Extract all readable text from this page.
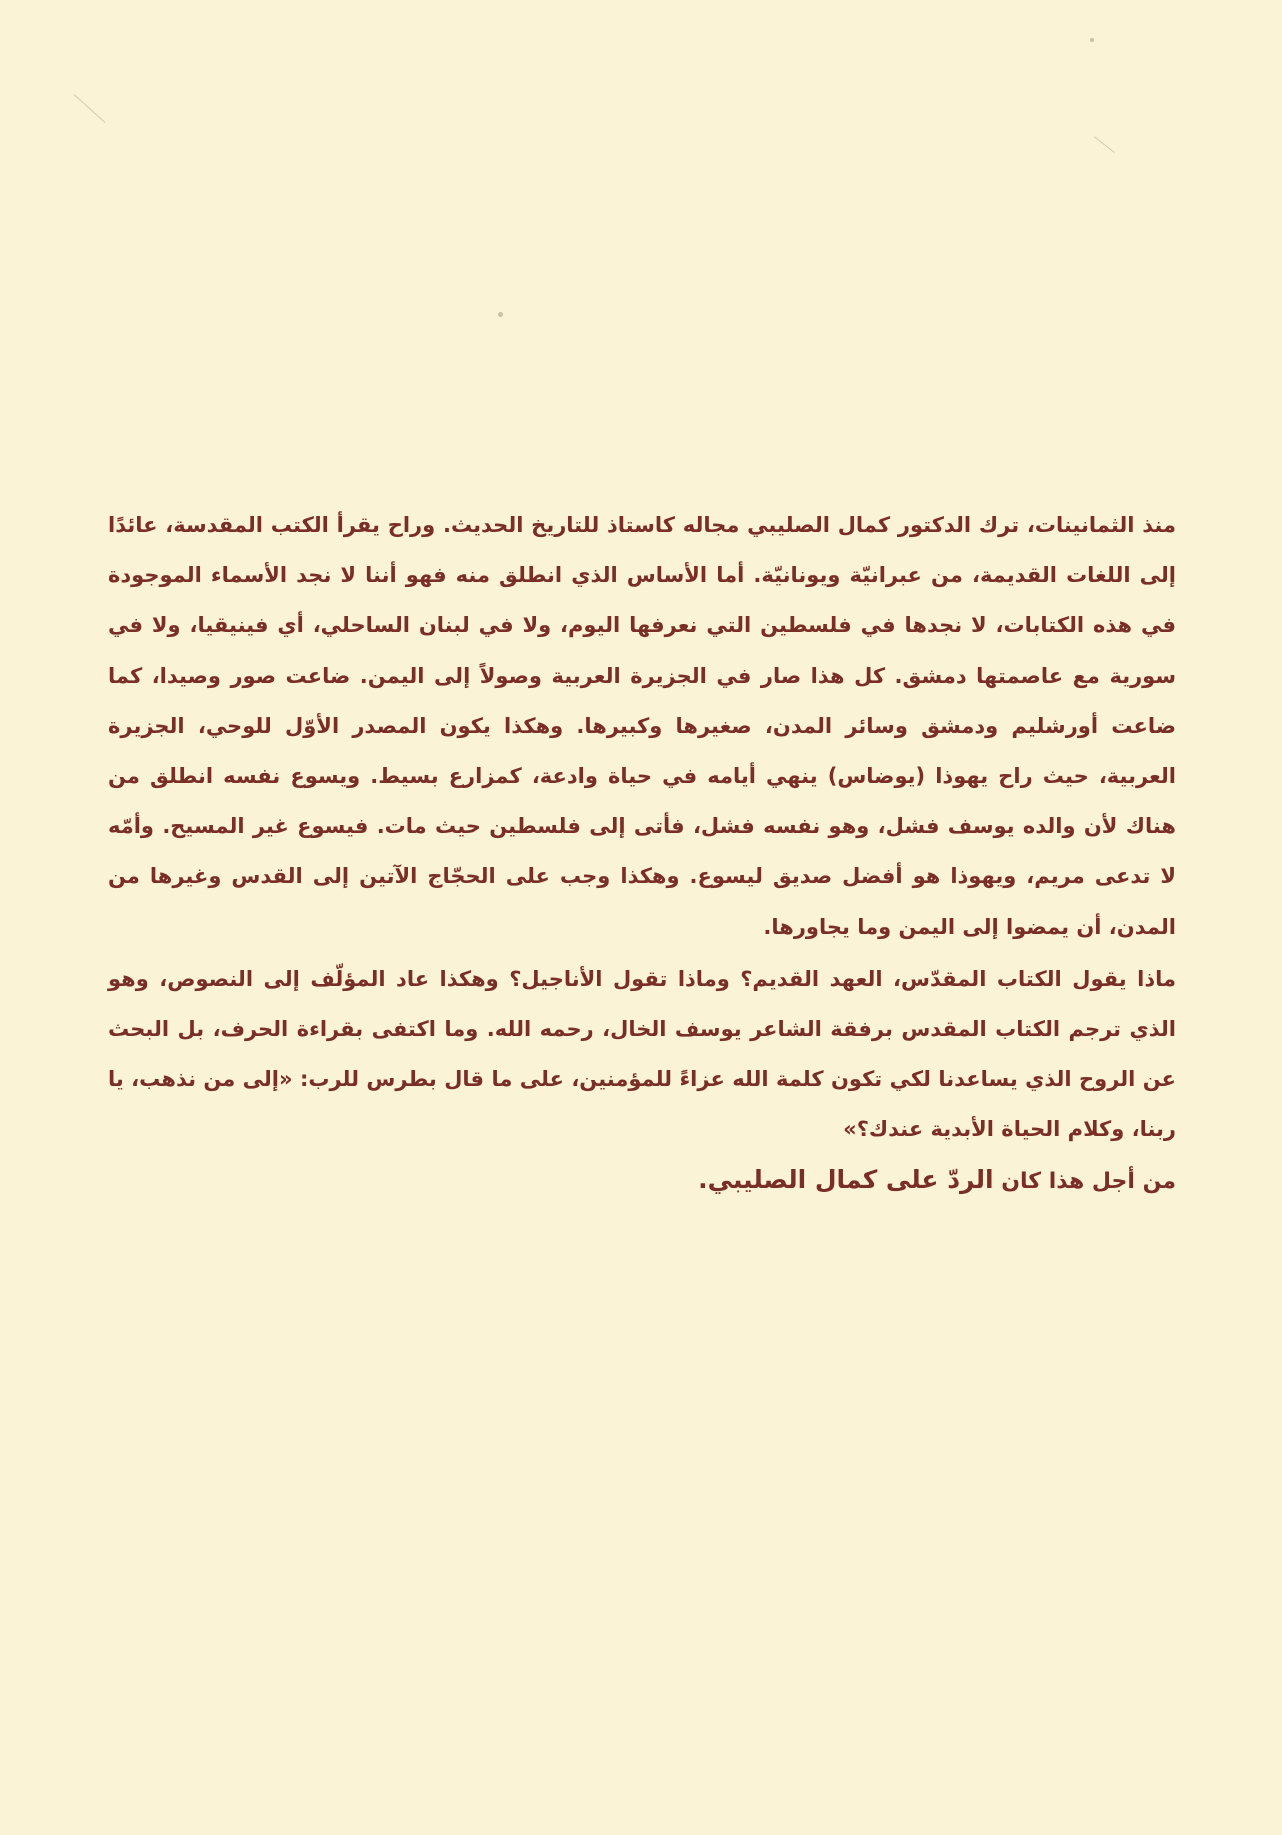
منذ الثمانينات، ترك الدكتور كمال الصليبي مجاله كاستاذ للتاريخ الحديث. وراح يقرأ الكتب المقدسة، عائدًا إلى اللغات القديمة، من عبرانيّة ويونانيّة. أما الأساس الذي انطلق منه فهو أننا لا نجد الأسماء الموجودة في هذه الكتابات، لا نجدها في فلسطين التي نعرفها اليوم، ولا في لبنان الساحلي، أي فينيقيا، ولا في سورية مع عاصمتها دمشق. كل هذا صار في الجزيرة العربية وصولاً إلى اليمن. ضاعت صور وصيدا، كما ضاعت أورشليم ودمشق وسائر المدن، صغيرها وكبيرها. وهكذا يكون المصدر الأوّل للوحي، الجزيرة العربية، حيث راح يهوذا (يوضاس) ينهي أيامه في حياة وادعة، كمزارع بسيط. ويسوع نفسه انطلق من هناك لأن والده يوسف فشل، وهو نفسه فشل، فأتى إلى فلسطين حيث مات. فيسوع غير المسيح. وأمّه لا تدعى مريم، ويهوذا هو أفضل صديق ليسوع. وهكذا وجب على الحجّاج الآتين إلى القدس وغيرها من المدن، أن يمضوا إلى اليمن وما يجاورها.

ماذا يقول الكتاب المقدّس، العهد القديم؟ وماذا تقول الأناجيل؟ وهكذا عاد المؤلّف إلى النصوص، وهو الذي ترجم الكتاب المقدس برفقة الشاعر يوسف الخال، رحمه الله. وما اكتفى بقراءة الحرف، بل البحث عن الروح الذي يساعدنا لكي تكون كلمة الله عزاءً للمؤمنين، على ما قال بطرس للرب: «إلى من نذهب، يا ربنا، وكلام الحياة الأبدية عندك؟»

من أجل هذا كان الردّ على كمال الصليبي.
